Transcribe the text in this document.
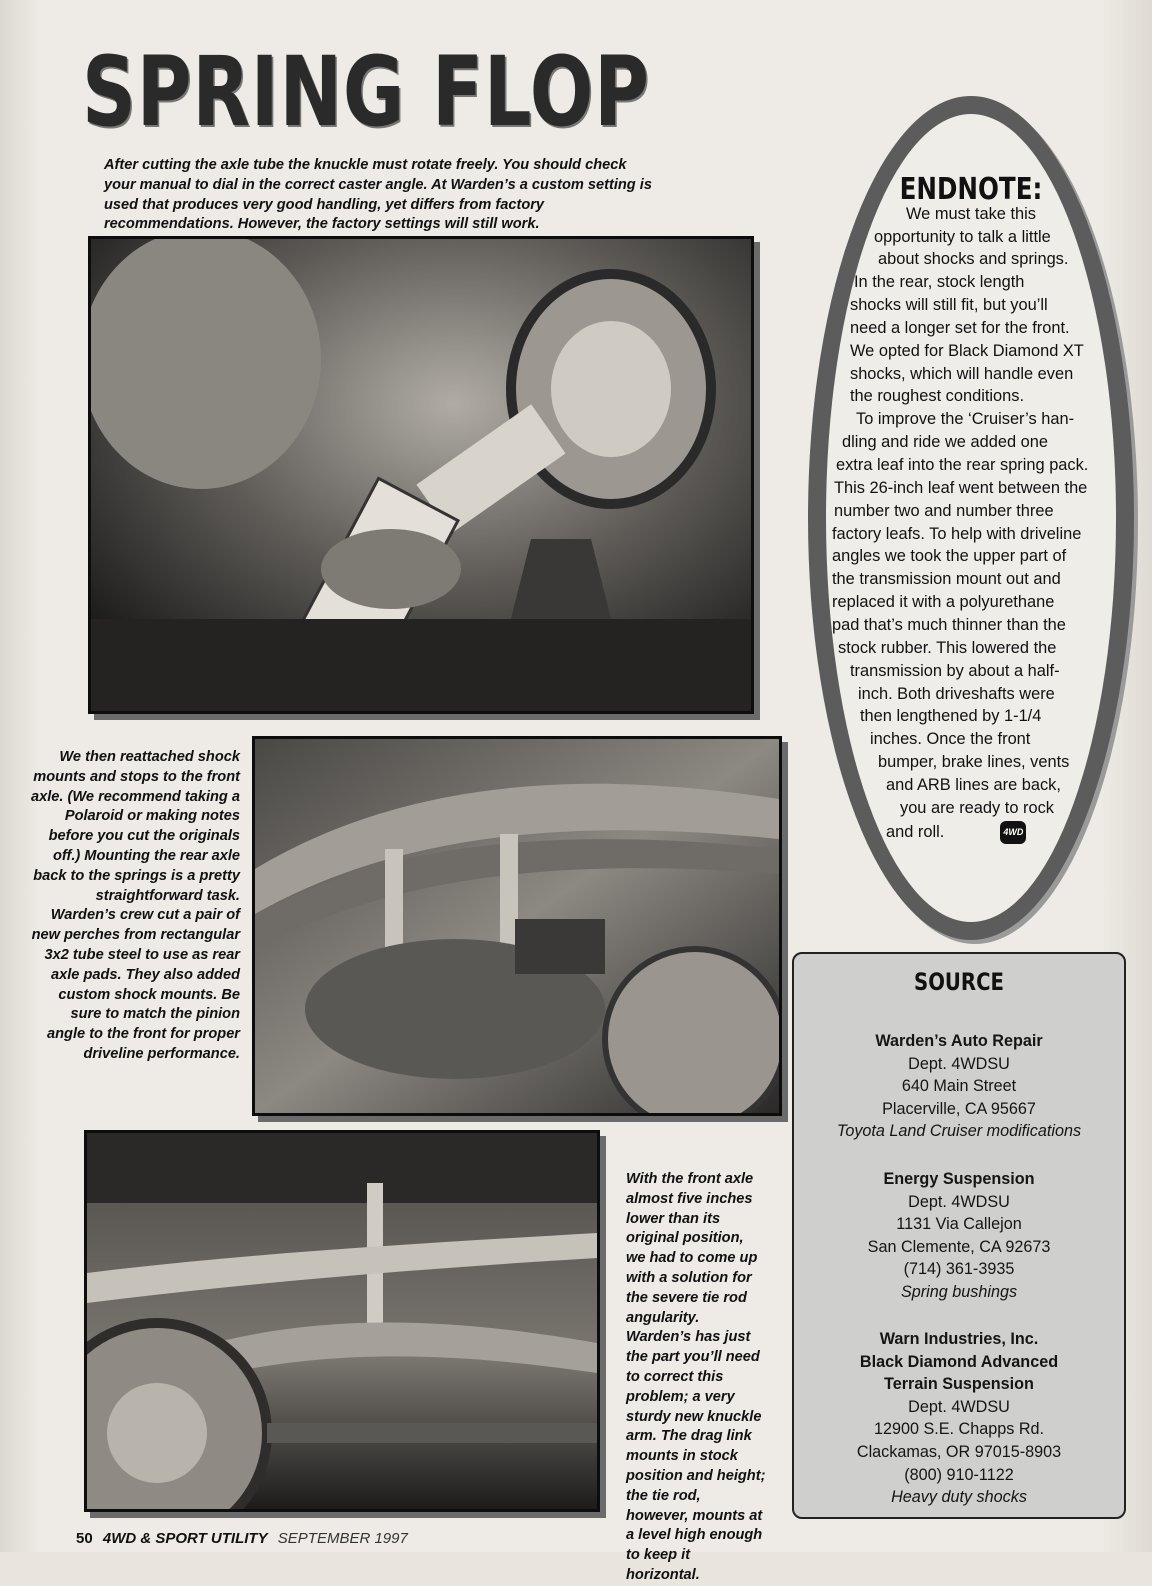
SPRING FLOP

After cutting the axle tube the knuckle must rotate freely. You should check your manual to dial in the correct caster angle. At Warden’s a custom setting is used that produces very good handling, yet differs from factory recommendations. However, the factory settings will still work.

We then reattached shock mounts and stops to the front axle. (We recommend taking a Polaroid or making notes before you cut the originals off.) Mounting the rear axle back to the springs is a pretty straightforward task. Warden’s crew cut a pair of new perches from rectangular 3x2 tube steel to use as rear axle pads. They also added custom shock mounts. Be sure to match the pinion angle to the front for proper driveline performance.

With the front axle almost five inches lower than its original position, we had to come up with a solution for the severe tie rod angularity. Warden’s has just the part you’ll need to correct this problem; a very sturdy new knuckle arm. The drag link mounts in stock position and height; the tie rod, however, mounts at a level high enough to keep it horizontal.

ENDNOTE:
We must take this
opportunity to talk a little
about shocks and springs.
In the rear, stock length
shocks will still fit, but you’ll
need a longer set for the front.
We opted for Black Diamond XT
shocks, which will handle even
the roughest conditions.
To improve the ‘Cruiser’s han-
dling and ride we added one
extra leaf into the rear spring pack.
This 26-inch leaf went between the
number two and number three
factory leafs. To help with driveline
angles we took the upper part of
the transmission mount out and
replaced it with a polyurethane
pad that’s much thinner than the
stock rubber. This lowered the
transmission by about a half-
inch. Both driveshafts were
then lengthened by 1-1/4
inches. Once the front
bumper, brake lines, vents
and ARB lines are back,
you are ready to rock
and roll.	4WD
SOURCE
Warden’s Auto Repair
Dept. 4WDSU
640 Main Street
Placerville, CA 95667
Toyota Land Cruiser modifications
Energy Suspension
Dept. 4WDSU
1131 Via Callejon
San Clemente, CA 92673
(714) 361-3935
Spring bushings
Warn Industries, Inc.
Black Diamond Advanced
Terrain Suspension
Dept. 4WDSU
12900 S.E. Chapps Rd.
Clackamas, OR 97015-8903
(800) 910-1122
Heavy duty shocks
50 4WD & SPORT UTILITY SEPTEMBER 1997
